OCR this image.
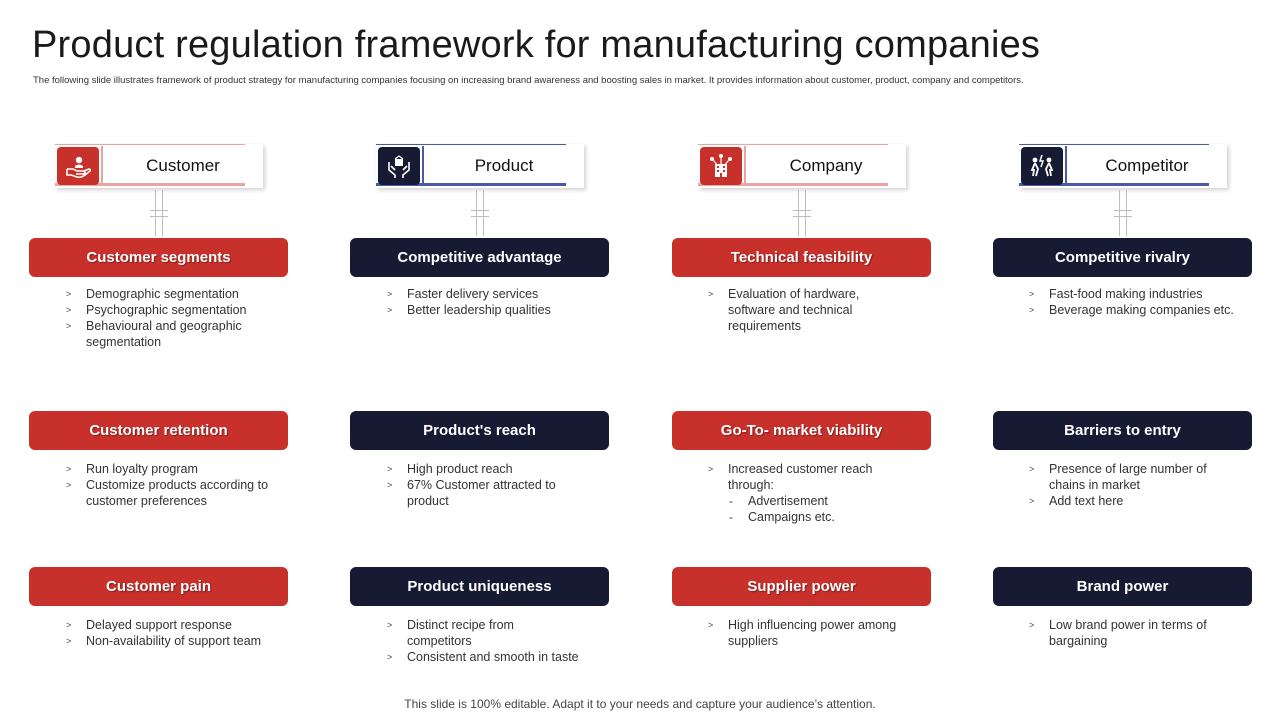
Product regulation framework for manufacturing companies
The following slide illustrates framework of product strategy for manufacturing companies focusing on increasing brand awareness and boosting sales in market. It provides information about customer, product, company and competitors.
Customer
Customer segments
>	Demographic segmentation
>	Psychographic segmentation
>	Behavioural and geographic segmentation
Customer retention
>	Run loyalty program
>	Customize products according to customer preferences
Customer pain
>	Delayed support response
>	Non-availability of support team
Product
Competitive advantage
>	Faster delivery services
>	Better leadership qualities
Product's reach
>	High product reach
>	67% Customer attracted to product
Product uniqueness
>	Distinct recipe from competitors
>	Consistent and smooth in taste
Company
Technical feasibility
>	Evaluation of hardware, software and technical requirements
Go-To- market viability
>	Increased customer reach through:
-	Advertisement
-	Campaigns etc.
Supplier power
>	High influencing power among suppliers
Competitor
Competitive rivalry
>	Fast-food making industries
>	Beverage making companies etc.
Barriers to entry
>	Presence of large number of chains in market
>	Add text here
Brand power
>	Low brand power in terms of bargaining
This slide is 100% editable. Adapt it to your needs and capture your audience’s attention.
